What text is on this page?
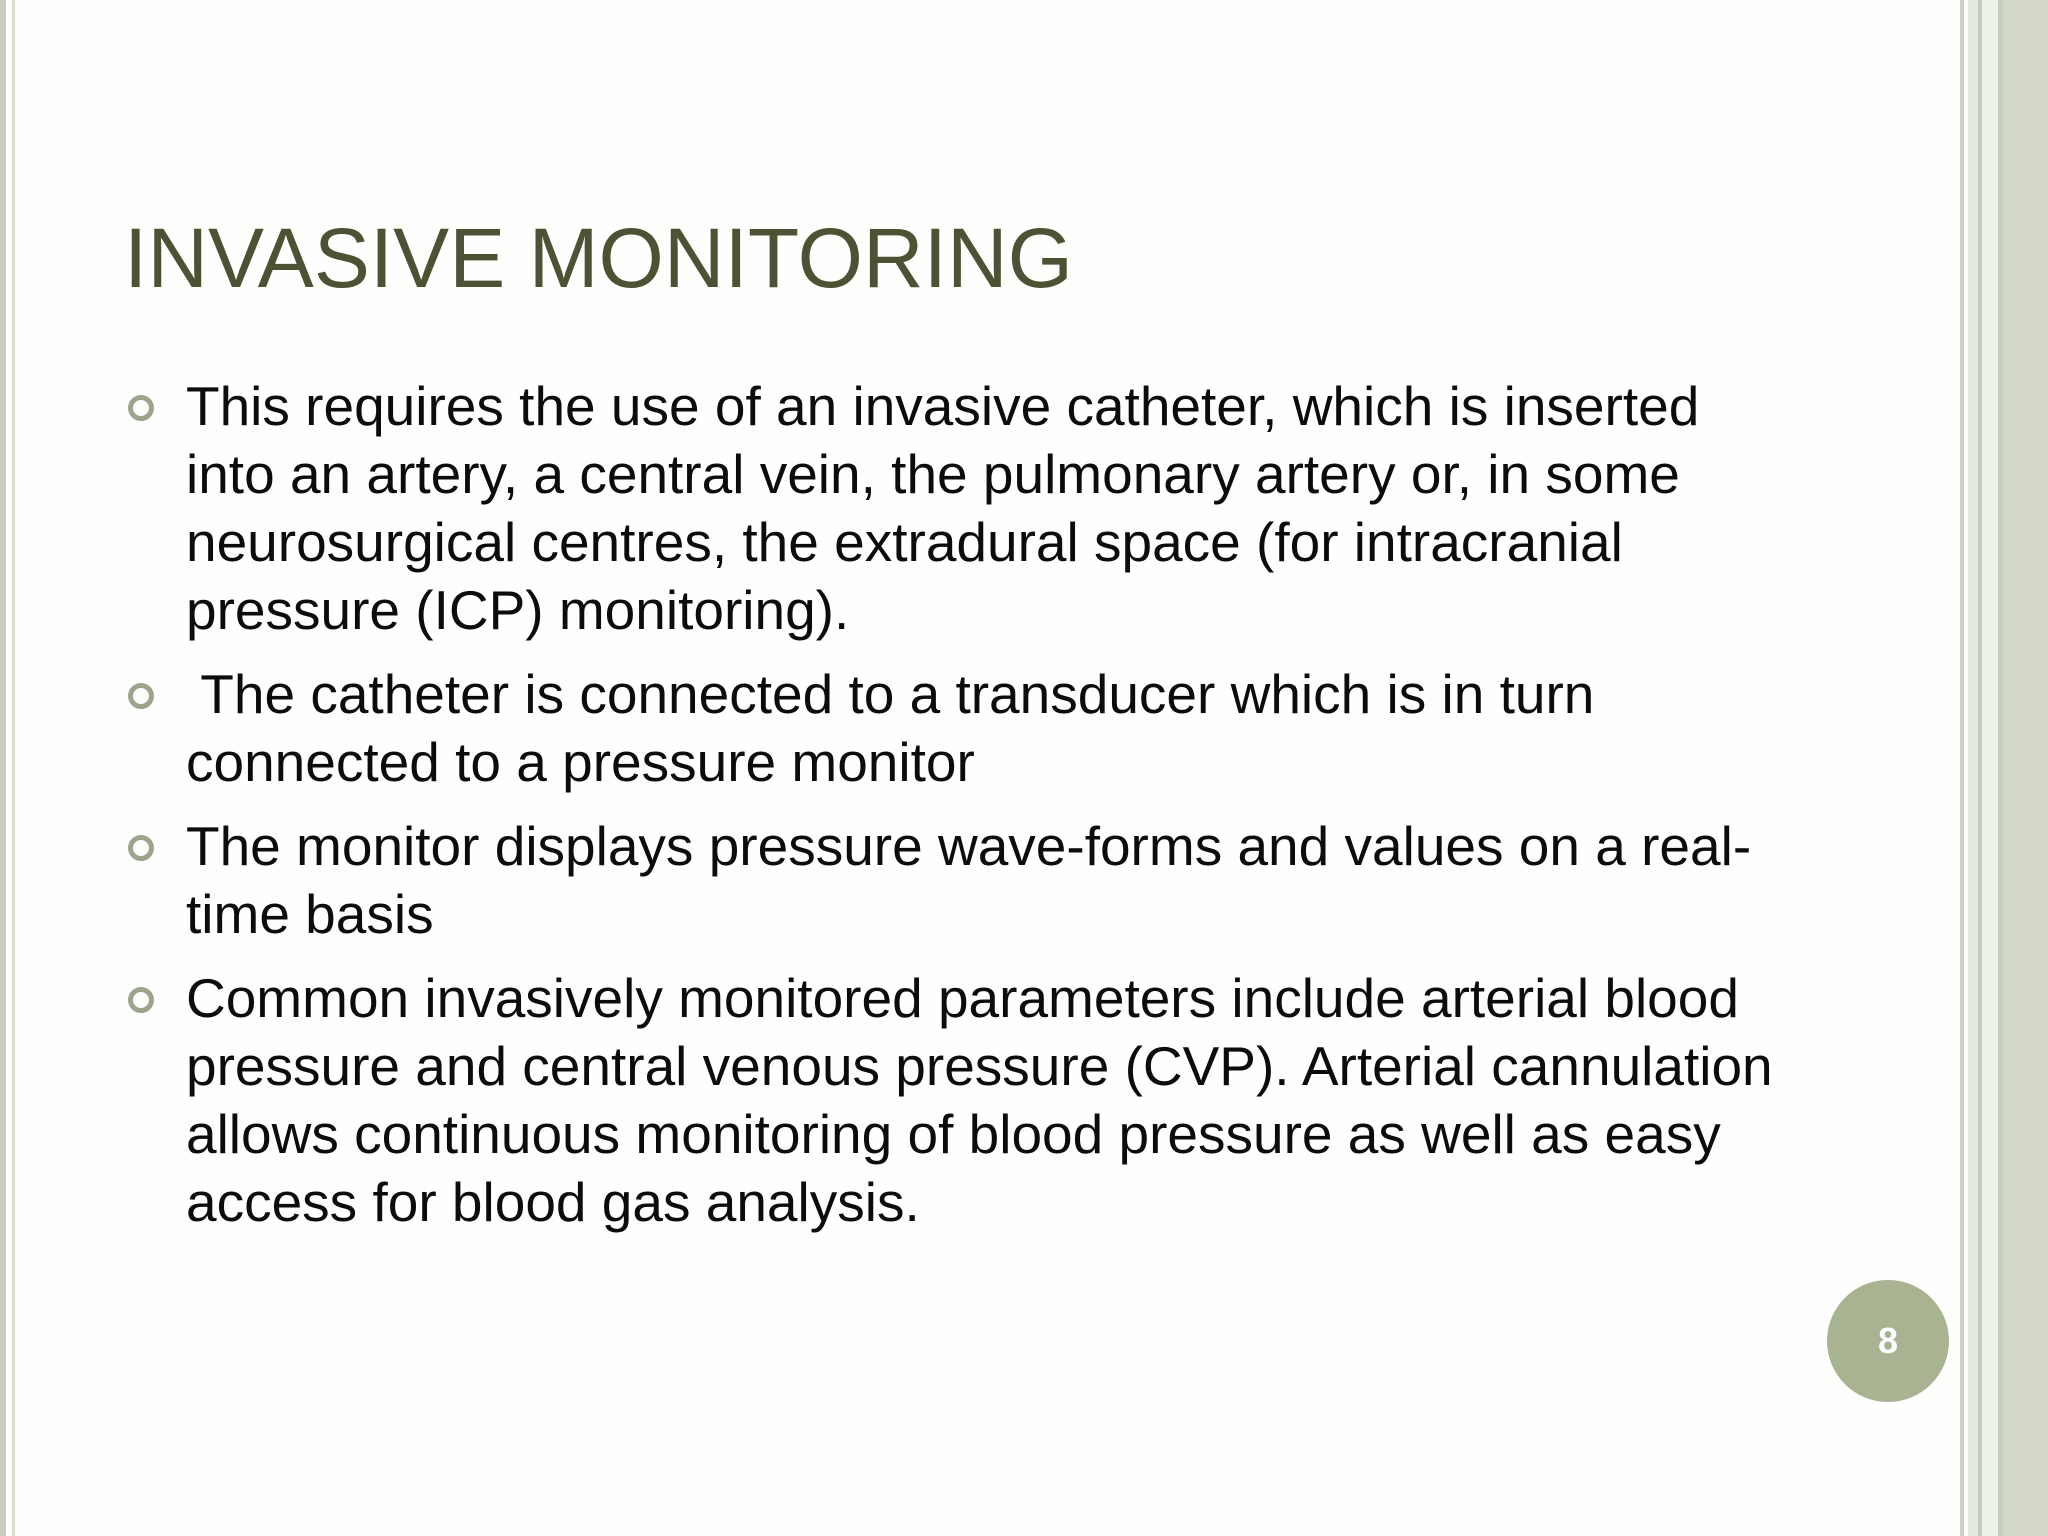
INVASIVE MONITORING
This requires the use of an invasive catheter, which is inserted
into an artery, a central vein, the pulmonary artery or, in some
neurosurgical centres, the extradural space (for intracranial
pressure (ICP) monitoring).
The catheter is connected to a transducer which is in turn
connected to a pressure monitor
The monitor displays pressure wave-forms and values on a real-
time basis
Common invasively monitored parameters include arterial blood
pressure and central venous pressure (CVP). Arterial cannulation
allows continuous monitoring of blood pressure as well as easy
access for blood gas analysis.
8
